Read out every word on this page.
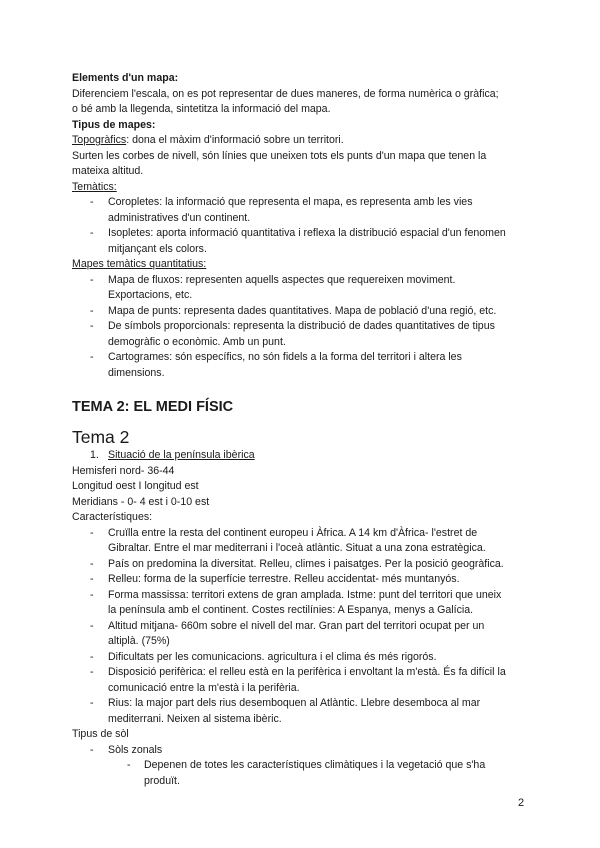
Elements d'un mapa:
Diferenciem l'escala, on es pot representar de dues maneres, de forma numèrica o gràfica;
o bé amb la llegenda, sintetitza la informació del mapa.
Tipus de mapes:
Topogràfics: dona el màxim d'informació sobre un territori.
Surten les corbes de nivell, són línies que uneixen tots els punts d'un mapa que tenen la
mateixa altitud.
Temàtics:
- Coropletes: la informació que representa el mapa, es representa amb les vies
administratives d'un continent.
- Isopletes: aporta informació quantitativa i reflexa la distribució espacial d'un fenomen
mitjançant els colors.
Mapes temàtics quantitatius:
- Mapa de fluxos: representen aquells aspectes que requereixen moviment.
Exportacions, etc.
- Mapa de punts: representa dades quantitatives. Mapa de població d'una regió, etc.
- De símbols proporcionals: representa la distribució de dades quantitatives de tipus
demogràfic o econòmic. Amb un punt.
- Cartogrames: són específics, no són fidels a la forma del territori i altera les
dimensions.
TEMA 2: EL MEDI FÍSIC
Tema 2
1. Situació de la península ibèrica
Hemisferi nord- 36-44
Longitud oest I longitud est
Meridians - 0- 4 est i 0-10 est
Característiques:
- Cruïlla entre la resta del continent europeu i Àfrica. A 14 km d'Àfrica- l'estret de
Gibraltar. Entre el mar mediterrani i l'oceà atlàntic. Situat a una zona estratègica.
- País on predomina la diversitat. Relleu, climes i paisatges. Per la posició geogràfica.
- Relleu: forma de la superfície terrestre. Relleu accidentat- més muntanyós.
- Forma massissa: territori extens de gran amplada. Istme: punt del territori que uneix
la península amb el continent. Costes rectilínies: A Espanya, menys a Galícia.
- Altitud mitjana- 660m sobre el nivell del mar. Gran part del territori ocupat per un
altiplà. (75%)
- Dificultats per les comunicacions. agricultura i el clima és més rigorós.
- Disposició perifèrica: el relleu està en la perifèrica i envoltant la m'està. És fa difícil la
comunicació entre la m'està i la perifèria.
- Rius: la major part dels rius desemboquen al Atlàntic. Llebre desemboca al mar
mediterrani. Neixen al sistema ibèric.
Tipus de sòl
- Sòls zonals
- Depenen de totes les característiques climàtiques i la vegetació que s'ha
produït.
2
